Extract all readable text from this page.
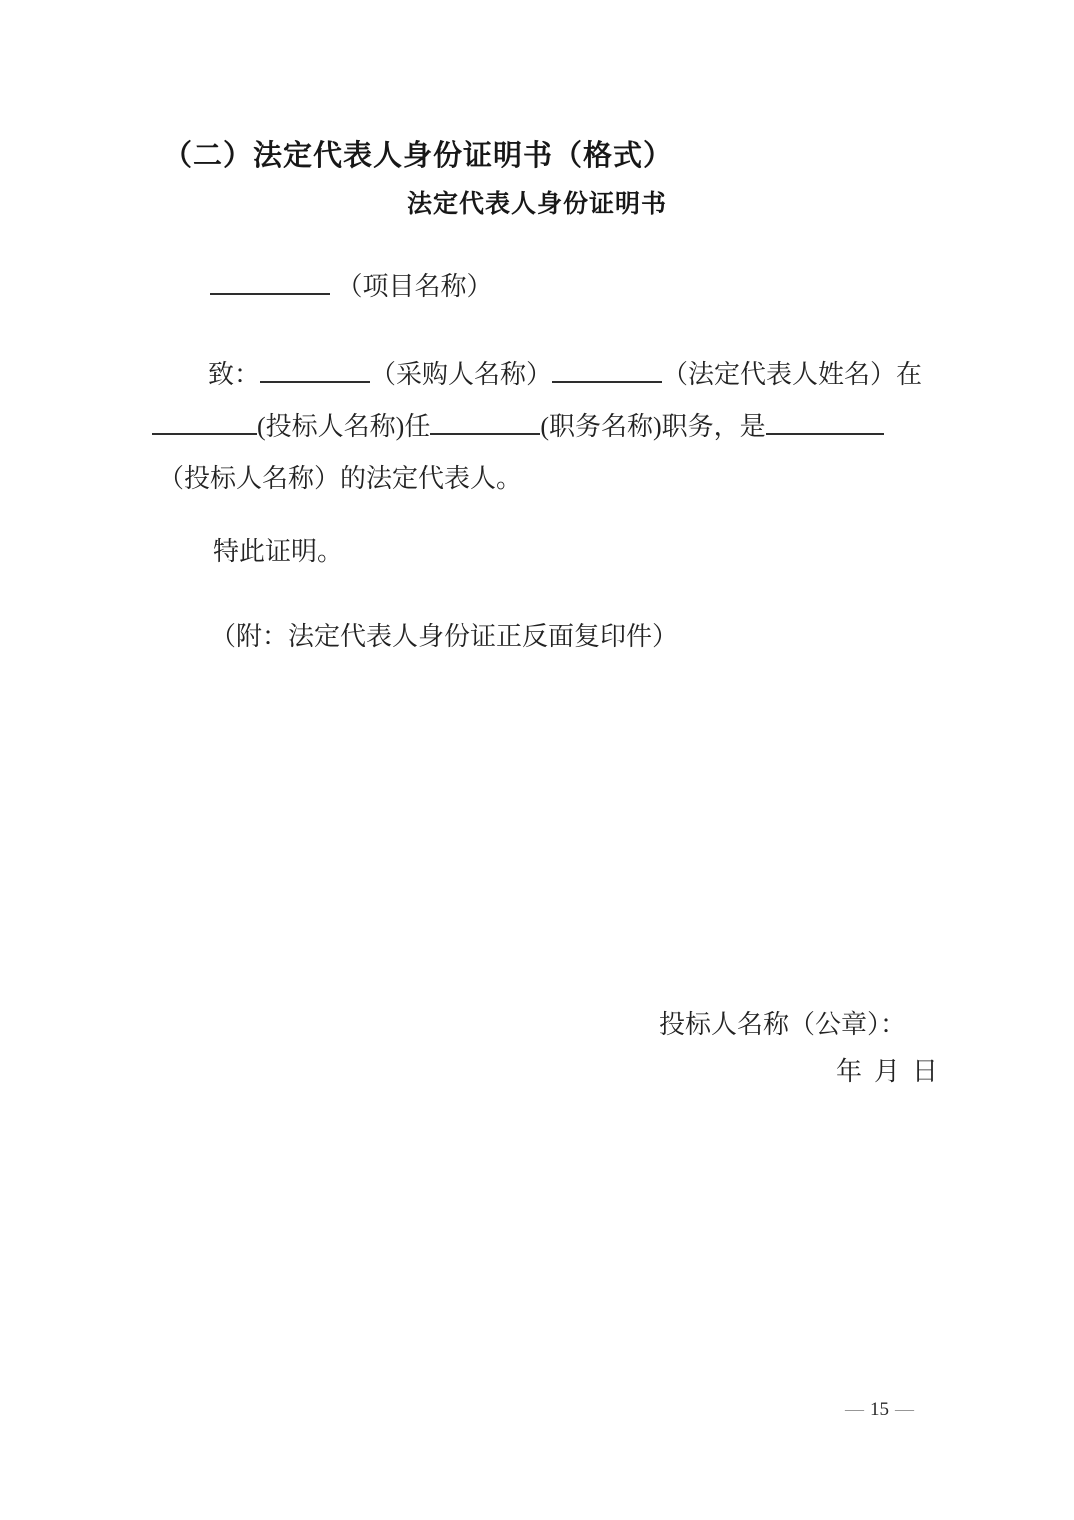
（二）法定代表人身份证明书（格式）
法定代表人身份证明书
（项目名称）
致：	（采购人名称）	（法定代表人姓名）在
(投标人名称)任	(职务名称)职务，是
（投标人名称）的法定代表人。
特此证明。
（附：法定代表人身份证正反面复印件）
投标人名称（公章）：
年月日
— 15 —
